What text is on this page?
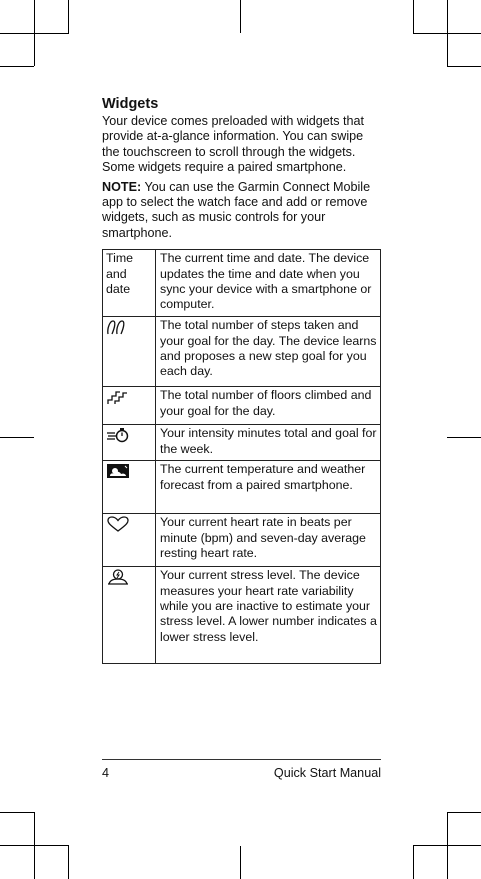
Widgets

Your device comes preloaded with widgets that provide at-a-glance information. You can swipe the touchscreen to scroll through the widgets. Some widgets require a paired smartphone.

NOTE: You can use the Garmin Connect Mobile app to select the watch face and add or remove widgets, such as music controls for your smartphone.

Time and date	The current time and date. The device updates the time and date when you sync your device with a smartphone or computer.
	The total number of steps taken and your goal for the day. The device learns and proposes a new step goal for you each day.
	The total number of floors climbed and your goal for the day.
	Your intensity minutes total and goal for the week.
	The current temperature and weather forecast from a paired smartphone.
	Your current heart rate in beats per minute (bpm) and seven-day average resting heart rate.
	Your current stress level. The device measures your heart rate variability while you are inactive to estimate your stress level. A lower number indicates a lower stress level.
4	Quick Start Manual
